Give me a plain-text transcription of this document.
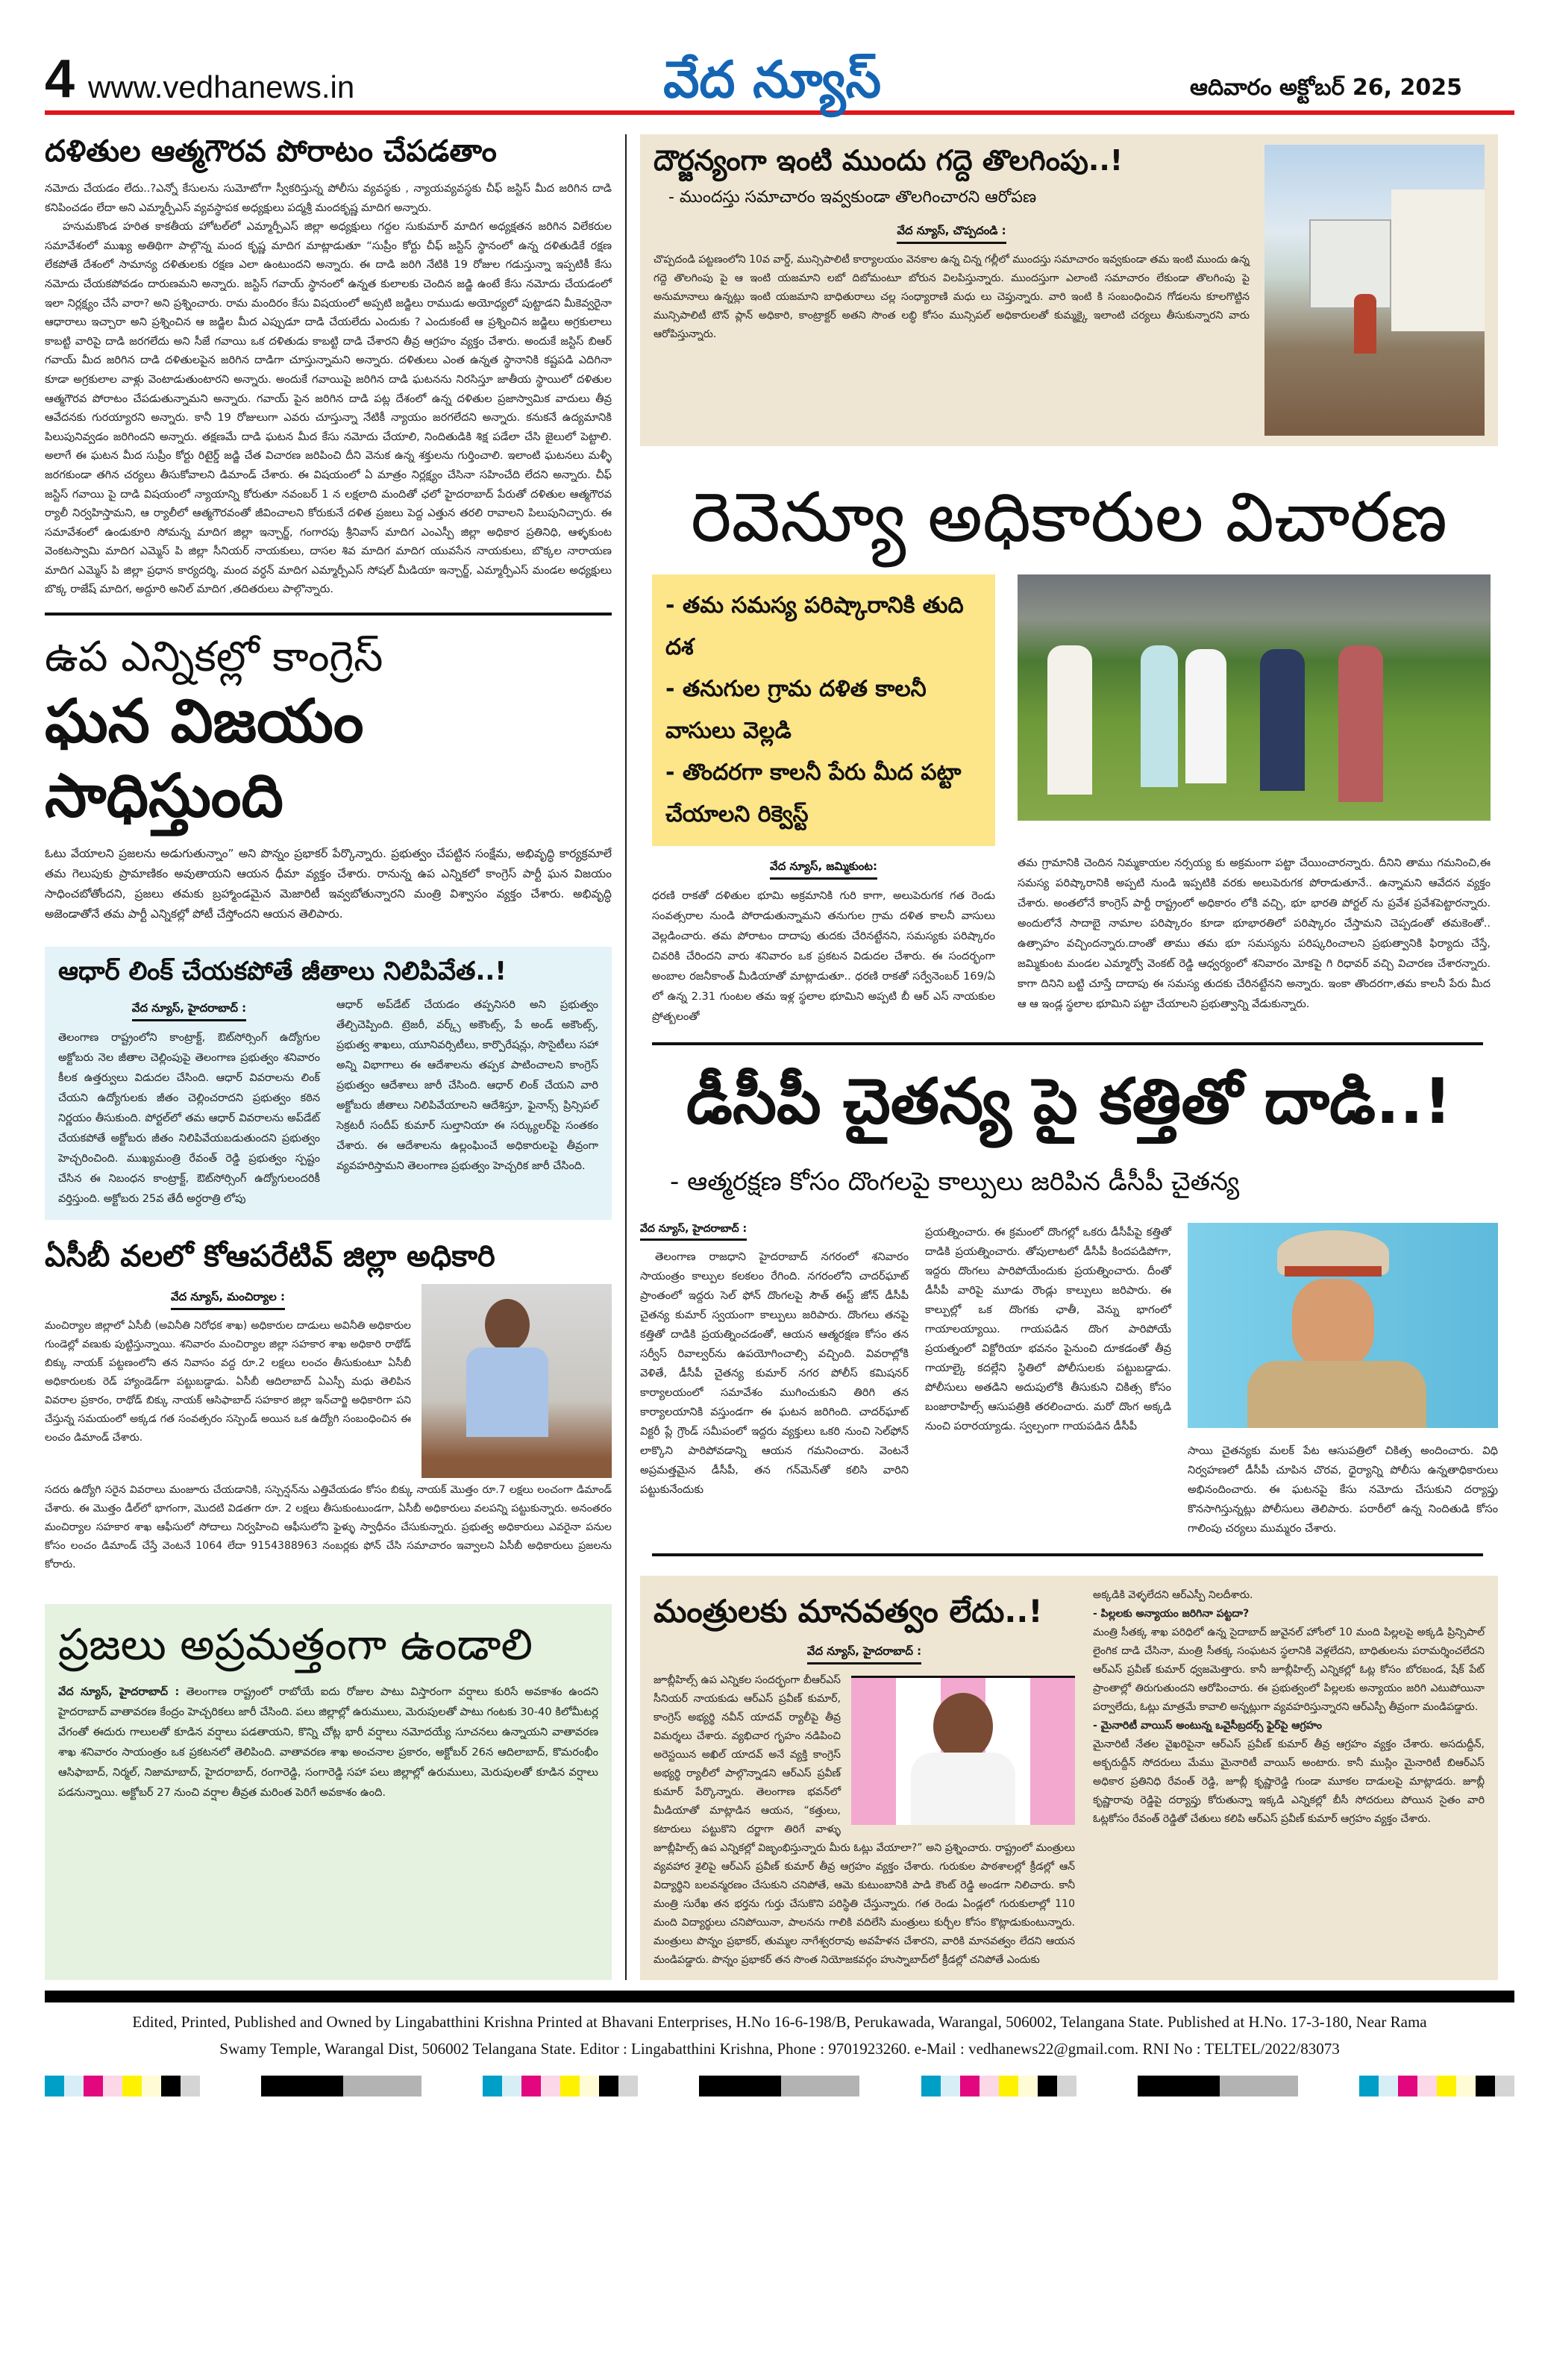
4 www.vedhanews.in	వేద న్యూస్	ఆదివారం అక్టోబర్ 26, 2025
దళితుల ఆత్మగౌరవ పోరాటం చేపడతాం

నమోదు చేయడం లేదు..?ఎన్నో కేసులను సుమోటోగా స్వీకరిస్తున్న పోలీసు వ్యవస్థకు , న్యాయవ్యవస్థకు చీఫ్ జస్టిస్ మీద జరిగిన దాడి కనిపించడం లేదా అని ఎమ్మార్పీఎస్ వ్యవస్థాపక అధ్యక్షులు పద్మశ్రీ మందకృష్ణ మాదిగ అన్నారు.

హనుమకొండ హరిత కాకతీయ హోటల్‌లో ఎమ్మార్పీఎస్ జిల్లా అధ్యక్షులు గద్దల సుకుమార్ మాదిగ అధ్యక్షతన జరిగిన విలేకరుల సమావేశంలో ముఖ్య అతిథిగా పాల్గొన్న మంద కృష్ణ మాదిగ మాట్లాడుతూ “సుప్రీం కోర్టు చీఫ్ జస్టిస్ స్థానంలో ఉన్న దళితుడికే రక్షణ లేకపోతే దేశంలో సామాన్య దళితులకు రక్షణ ఎలా ఉంటుందని అన్నారు. ఈ దాడి జరిగి నేటికి 19 రోజుల గడుస్తున్నా ఇప్పటికీ కేసు నమోదు చేయకపోవడం దారుణమని అన్నారు. జస్టిస్ గవాయ్ స్థానంలో ఉన్నత కులాలకు చెందిన జడ్జి ఉంటే కేసు నమోదు చేయడంలో ఇలా నిర్లక్ష్యం చేసే వారా? అని ప్రశ్నించారు. రామ మందిరం కేసు విషయంలో అప్పటి జడ్జిలు రాముడు అయోధ్యలో పుట్టాడని మీకెవ్వరైనా ఆధారాలు ఇచ్చారా అని ప్రశ్నించిన ఆ జడ్జిల మీద ఎప్పుడూ దాడి చేయలేదు ఎందుకు ? ఎందుకంటే ఆ ప్రశ్నించిన జడ్జిలు అగ్రకులాలు కాబట్టి వారిపై దాడి జరగలేదు అని సీజే గవాయి ఒక దళితుడు కాబట్టి దాడి చేశారని తీవ్ర ఆగ్రహం వ్యక్తం చేశారు. అందుకే జస్టిస్ బిఆర్ గవాయ్ మీద జరిగిన దాడి దళితులపైన జరిగిన దాడిగా చూస్తున్నామని అన్నారు. దళితులు ఎంత ఉన్నత స్థానానికి కష్టపడి ఎదిగినా కూడా అగ్రకులాల వాళ్లు వెంటాడుతుంటారని అన్నారు. అందుకే గవాయిపై జరిగిన దాడి ఘటనను నిరసిస్తూ జాతీయ స్థాయిలో దళితుల ఆత్మగౌరవ పోరాటం చేపడుతున్నామని అన్నారు. గవాయ్ పైన జరిగిన దాడి పట్ల దేశంలో ఉన్న దళితుల ప్రజాస్వామిక వాదులు తీవ్ర ఆవేదనకు గురయ్యారని అన్నారు. కానీ 19 రోజులుగా ఎవరు చూస్తున్నా నేటికీ న్యాయం జరగలేదని అన్నారు. కనుకనే ఉద్యమానికి పిలుపునివ్వడం జరిగిందని అన్నారు. తక్షణమే దాడి ఘటన మీద కేసు నమోదు చేయాలి, నిందితుడికి శిక్ష పడేలా చేసి జైలులో పెట్టాలి. అలాగే ఈ ఘటన మీద సుప్రీం కోర్టు రిటైర్డ్ జడ్జి చేత విచారణ జరిపించి దీని వెనుక ఉన్న శక్తులను గుర్తించాలి. ఇలాంటి ఘటనలు మళ్ళీ జరగకుండా తగిన చర్యలు తీసుకోవాలని డిమాండ్ చేశారు. ఈ విషయంలో ఏ మాత్రం నిర్లక్ష్యం చేసినా సహించేది లేదని అన్నారు. చీఫ్ జస్టిస్ గవాయి పై దాడి విషయంలో న్యాయాన్ని కోరుతూ నవంబర్ 1 న లక్షలాది మందితో ఛలో హైదరాబాద్ పేరుతో దళితుల ఆత్మగౌరవ ర్యాలీ నిర్వహిస్తామని, ఆ ర్యాలీలో ఆత్మగౌరవంతో జీవించాలని కోరుకునే దళిత ప్రజలు పెద్ద ఎత్తున తరలి రావాలని పిలుపునిచ్చారు. ఈ సమావేశంలో ఉండుకూరి సోమన్న మాదిగ జిల్లా ఇన్చార్జ్, గంగారపు శ్రీనివాస్ మాదిగ ఎంఎస్పీ జిల్లా అధికార ప్రతినిధి, ఆళ్ళకుంట వెంకటస్వామి మాదిగ ఎమ్మెస్ పి జిల్లా సీనియర్ నాయకులు, దాసల శివ మాదిగ మాదిగ యువసేన నాయకులు, బొక్కల నారాయణ మాదిగ ఎమ్మెస్ పి జిల్లా ప్రధాన కార్యదర్శి, మంద వర్ధన్ మాదిగ ఎమ్మార్పీఎస్ సోషల్ మీడియా ఇన్చార్జ్, ఎమ్మార్పీఎస్ మండల అధ్యక్షులు బొక్క రాజేష్ మాదిగ, అద్దూరి అనిల్ మాదిగ ,తదితరులు పాల్గొన్నారు.

ఉప ఎన్నికల్లో కాంగ్రెస్
ఘన విజయం సాధిస్తుంది

ఓటు వేయాలని ప్రజలను అడుగుతున్నాం” అని పొన్నం ప్రభాకర్ పేర్కొన్నారు. ప్రభుత్వం చేపట్టిన సంక్షేమ, అభివృద్ధి కార్యక్రమాలే తమ గెలుపుకు ప్రామాణికం అవుతాయని ఆయన ధీమా వ్యక్తం చేశారు. రానున్న ఉప ఎన్నికలో కాంగ్రెస్ పార్టీ ఘన విజయం సాధించబోతోందని, ప్రజలు తమకు బ్రహ్మాండమైన మెజారిటీ ఇవ్వబోతున్నారని మంత్రి విశ్వాసం వ్యక్తం చేశారు. అభివృద్ధి అజెండాతోనే తమ పార్టీ ఎన్నికల్లో పోటీ చేస్తోందని ఆయన తెలిపారు.

ఆధార్ లింక్ చేయకపోతే జీతాలు నిలిపివేత..!
వేద న్యూస్, హైదరాబాద్ :

తెలంగాణ రాష్ట్రంలోని కాంట్రాక్ట్, ఔట్‌సోర్సింగ్ ఉద్యోగుల అక్టోబరు నెల జీతాల చెల్లింపుపై తెలంగాణ ప్రభుత్వం శనివారం కీలక ఉత్తర్వులు విడుదల చేసింది. ఆధార్ వివరాలను లింక్ చేయని ఉద్యోగులకు జీతం చెల్లించరాదని ప్రభుత్వం కఠిన నిర్ణయం తీసుకుంది. పోర్టల్‌లో తమ ఆధార్ వివరాలను అప్‌డేట్ చేయకపోతే అక్టోబరు జీతం నిలిపివేయబడుతుందని ప్రభుత్వం హెచ్చరించింది. ముఖ్యమంత్రి రేవంత్ రెడ్డి ప్రభుత్వం స్పష్టం చేసిన ఈ నిబంధన కాంట్రాక్ట్, ఔట్‌సోర్సింగ్ ఉద్యోగులందరికీ వర్తిస్తుంది. అక్టోబరు 25వ తేదీ అర్ధరాత్రి లోపు

ఆధార్ అప్‌డేట్ చేయడం తప్పనిసరి అని ప్రభుత్వం తేల్చిచెప్పింది. ట్రెజరీ, వర్క్స్ అకౌంట్స్, పే అండ్ అకౌంట్స్, ప్రభుత్వ శాఖలు, యూనివర్సిటీలు, కార్పొరేషన్లు, సొసైటీలు సహా అన్ని విభాగాలు ఈ ఆదేశాలను తప్పక పాటించాలని కాంగ్రెస్ ప్రభుత్వం ఆదేశాలు జారీ చేసింది. ఆధార్ లింక్ చేయని వారి అక్టోబరు జీతాలు నిలిపివేయాలని ఆదేశిస్తూ, ఫైనాన్స్ ప్రిన్సిపల్ సెక్రటరీ సందీప్ కుమార్ సుల్తానియా ఈ సర్క్యులర్‌పై సంతకం చేశారు. ఈ ఆదేశాలను ఉల్లంఘించే అధికారులపై తీవ్రంగా వ్యవహరిస్తామని తెలంగాణ ప్రభుత్వం హెచ్చరిక జారీ చేసింది.

ఏసీబీ వలలో కోఆపరేటివ్ జిల్లా అధికారి
వేద న్యూస్, మంచిర్యాల :

మంచిర్యాల జిల్లాలో ఏసీబీ (అవినీతి నిరోధక శాఖ) అధికారుల దాడులు అవినీతి అధికారుల గుండెల్లో వణుకు పుట్టిస్తున్నాయి. శనివారం మంచిర్యాల జిల్లా సహకార శాఖ అధికారి రాథోడ్ బిక్కు నాయక్ పట్టణంలోని తన నివాసం వద్ద రూ.2 లక్షలు లంచం తీసుకుంటూ ఏసీబీ అధికారులకు రెడ్ హ్యాండెడ్‌గా పట్టుబడ్డాడు. ఏసీబీ ఆదిలాబాద్ ఏఎస్పీ మధు తెలిపిన వివరాల ప్రకారం, రాథోడ్ బిక్కు నాయక్ ఆసిఫాబాద్ సహకార జిల్లా ఇన్‌చార్జి అధికారిగా పని చేస్తున్న సమయంలో అక్కడ గత సంవత్సరం సస్పెండ్ అయిన ఒక ఉద్యోగి సంబంధించిన ఈ లంచం డిమాండ్ చేశారు.

సదరు ఉద్యోగి సరైన వివరాలు మంజూరు చేయడానికి, సస్పెన్షన్‌ను ఎత్తివేయడం కోసం బిక్కు నాయక్ మొత్తం రూ.7 లక్షలు లంచంగా డిమాండ్ చేశారు. ఈ మొత్తం డీల్‌లో భాగంగా, మొదటి విడతగా రూ. 2 లక్షలు తీసుకుంటుండగా, ఏసీబీ అధికారులు వలపన్ని పట్టుకున్నారు. అనంతరం మంచిర్యాల సహకార శాఖ ఆఫీసులో సోదాలు నిర్వహించి ఆఫీసులోని ఫైళ్ళు స్వాధీనం చేసుకున్నారు. ప్రభుత్వ అధికారులు ఎవరైనా పనుల కోసం లంచం డిమాండ్ చేస్తే వెంటనే 1064 లేదా 9154388963 నంబర్లకు ఫోన్ చేసి సమాచారం ఇవ్వాలని ఏసీబీ అధికారులు ప్రజలను కోరారు.

ప్రజలు అప్రమత్తంగా ఉండాలి

వేద న్యూస్, హైదరాబాద్ : తెలంగాణ రాష్ట్రంలో రాబోయే ఐదు రోజుల పాటు విస్తారంగా వర్షాలు కురిసే అవకాశం ఉందని హైదరాబాద్ వాతావరణ కేంద్రం హెచ్చరికలు జారీ చేసింది. పలు జిల్లాల్లో ఉరుములు, మెరుపులతో పాటు గంటకు 30-40 కిలోమీటర్ల వేగంతో ఈదురు గాలులతో కూడిన వర్షాలు పడతాయని, కొన్ని చోట్ల భారీ వర్షాలు నమోదయ్యే సూచనలు ఉన్నాయని వాతావరణ శాఖ శనివారం సాయంత్రం ఒక ప్రకటనలో తెలిపింది. వాతావరణ శాఖ అంచనాల ప్రకారం, అక్టోబర్ 26న ఆదిలాబాద్, కొమరంభీం ఆసిఫాబాద్, నిర్మల్, నిజామాబాద్, హైదరాబాద్, రంగారెడ్డి, సంగారెడ్డి సహా పలు జిల్లాల్లో ఉరుములు, మెరుపులతో కూడిన వర్షాలు పడనున్నాయి. అక్టోబర్ 27 నుంచి వర్షాల తీవ్రత మరింత పెరిగే అవకాశం ఉంది.

దౌర్జన్యంగా ఇంటి ముందు గద్దె తొలగింపు..!
- ముందస్తు సమాచారం ఇవ్వకుండా తొలగించారని ఆరోపణ
వేద న్యూస్, చొప్పదండి :

చొప్పదండి పట్టణంలోని 10వ వార్డ్, మున్సిపాలిటీ కార్యాలయం వెనకాల ఉన్న చిన్న గల్లీలో ముందస్తు సమాచారం ఇవ్వకుండా తమ ఇంటి ముందు ఉన్న గద్దె తొలగింపు పై ఆ ఇంటి యజమాని లబో దిబోమంటూ బోరున విలపిస్తున్నారు. ముందస్తుగా ఎలాంటి సమాచారం లేకుండా తొలగింపు పై అనుమానాలు ఉన్నట్లు ఇంటి యజమాని బాధితురాలు చల్ల సంధ్యారాణి మధు లు చెప్తున్నారు. వారి ఇంటి కి సంబంధించిన గోడలను కూలగొట్టిన మున్సిపాలిటీ టౌన్ ప్లాన్ అధికారి, కాంట్రాక్టర్ అతని సొంత లబ్ధి కోసం మున్సిపల్ అధికారులతో కుమ్మక్కై ఇలాంటి చర్యలు తీసుకున్నారని వారు ఆరోపిస్తున్నారు.

రెవెన్యూ అధికారుల విచారణ
- తమ సమస్య పరిష్కారానికి తుది దశ
- తనుగుల గ్రామ దళిత కాలనీ వాసులు వెల్లడి
- తొందరగా కాలనీ పేరు మీద పట్టా చేయాలని రిక్వెస్ట్
వేద న్యూస్, జమ్మికుంట:

ధరణి రాకతో దళితుల భూమి అక్రమానికి గురి కాగా, అలుపెరుగక గత రెండు సంవత్సరాల నుండి పోరాడుతున్నామని తనుగుల గ్రామ దళిత కాలనీ వాసులు వెల్లడించారు. తమ పోరాటం దాదాపు తుదకు చేరినట్టేనని, సమస్యకు పరిష్కారం చివరికి చేరిందని వారు శనివారం ఒక ప్రకటన విడుదల చేశారు. ఈ సందర్భంగా అంబాల రజనీకాంత్ మీడియాతో మాట్లాడుతూ.. ధరణి రాకతో సర్వేనెంబర్ 169/ఏ లో ఉన్న 2.31 గుంటల తమ ఇళ్ల స్థలాల భూమిని అప్పటి బీ ఆర్ ఎస్ నాయకుల ప్రోత్బలంతో

తమ గ్రామానికి చెందిన నిమ్మకాయల నర్సయ్య కు అక్రమంగా పట్టా చేయించారన్నారు. దీనిని తాము గమనించి,ఈ సమస్య పరిష్కారానికి అప్పటి నుండి ఇప్పటికి వరకు అలుపెరుగక పోరాడుతూనే.. ఉన్నామని ఆవేదన వ్యక్తం చేశారు. అంతలోనే కాంగ్రెస్ పార్టీ రాష్ట్రంలో అధికారం లోకి వచ్చి, భూ భారతి పోర్టల్ ను ప్రవేశ ప్రవేశపెట్టారన్నారు. అందులోనే సాదాబై నామాల పరిష్కారం కూడా భూభారతిలో పరిష్కారం చేస్తామని చెప్పడంతో తమకెంతో.. ఉత్సాహం వచ్చిందన్నారు.దాంతో తాము తమ భూ సమస్యను పరిష్కరించాలని ప్రభుత్వానికి ఫిర్యాదు చేస్తే, జమ్మికుంట మండల ఎమ్మార్వో వెంకట్ రెడ్డి ఆధ్వర్యంలో శనివారం మోకపై గి రిధావర్ వచ్చి విచారణ చేశారన్నారు. కాగా దినిని బట్టి చూస్తే దాదాపు ఈ సమస్య తుదకు చేరినట్టేనని అన్నారు. ఇంకా తొందరగా,తమ కాలనీ పేరు మీద ఆ ఆ ఇండ్ల స్థలాల భూమిని పట్టా చేయాలని ప్రభుత్వాన్ని వేడుకున్నారు.

డీసీపీ చైతన్య పై కత్తితో దాడి..!
- ఆత్మరక్షణ కోసం దొంగలపై కాల్పులు జరిపిన డీసీపీ చైతన్య
వేద న్యూస్, హైదరాబాద్ :

తెలంగాణ రాజధాని హైదరాబాద్ నగరంలో శనివారం సాయంత్రం కాల్పుల కలకలం రేగింది. నగరంలోని చాదర్‌ఘాట్ ప్రాంతంలో ఇద్దరు సెల్ ఫోన్ దొంగలపై సౌత్ ఈస్ట్ జోన్ డీసీపీ చైతన్య కుమార్ స్వయంగా కాల్పులు జరిపారు. దొంగలు తనపై కత్తితో దాడికి ప్రయత్నించడంతో, ఆయన ఆత్మరక్షణ కోసం తన సర్వీస్ రివాల్వర్‌ను ఉపయోగించాల్సి వచ్చింది. వివరాల్లోకి వెళితే, డీసీపీ చైతన్య కుమార్ నగర పోలీస్ కమిషనర్ కార్యాలయంలో సమావేశం ముగించుకుని తిరిగి తన కార్యాలయానికి వస్తుండగా ఈ ఘటన జరిగింది. చాదర్‌ఘాట్ విక్టరీ ప్లే గ్రౌండ్ సమీపంలో ఇద్దరు వ్యక్తులు ఒకరి నుంచి సెల్‌ఫోన్ లాక్కొని పారిపోవడాన్ని ఆయన గమనించారు. వెంటనే అప్రమత్తమైన డీసీపీ, తన గన్‌మెన్‌తో కలిసి వారిని పట్టుకునేందుకు

ప్రయత్నించారు. ఈ క్రమంలో దొంగల్లో ఒకరు డీసీపీపై కత్తితో దాడికి ప్రయత్నించారు. తోపులాటలో డీసీపీ కిందపడిపోగా, ఇద్దరు దొంగలు పారిపోయేందుకు ప్రయత్నించారు. దీంతో డీసీపీ వారిపై మూడు రౌండ్లు కాల్పులు జరిపారు. ఈ కాల్పుల్లో ఒక దొంగకు ఛాతీ, వెన్ను భాగంలో గాయాలయ్యాయి. గాయపడిన దొంగ పారిపోయే ప్రయత్నంలో విక్టోరియా భవనం పైనుంచి దూకడంతో తీవ్ర గాయాల్కై కదల్లేని స్థితిలో పోలీసులకు పట్టుబడ్డాడు. పోలీసులు అతడిని అదుపులోకి తీసుకుని చికిత్స కోసం బంజారాహిల్స్ ఆసుపత్రికి తరలించారు. మరో దొంగ అక్కడి నుంచి పరారయ్యాడు. స్వల్పంగా గాయపడిన డీసీపీ

సాయి చైతన్యకు మలక్ పేట ఆసుపత్రిలో చికిత్స అందించారు. విధి నిర్వహణలో డీసీపీ చూపిన చొరవ, ధైర్యాన్ని పోలీసు ఉన్నతాధికారులు అభినందించారు. ఈ ఘటనపై కేసు నమోదు చేసుకుని దర్యాప్తు కొనసాగిస్తున్నట్లు పోలీసులు తెలిపారు. పరారీలో ఉన్న నిందితుడి కోసం గాలింపు చర్యలు ముమ్మరం చేశారు.

మంత్రులకు మానవత్వం లేదు..!
వేద న్యూస్, హైదరాబాద్ :

జూబ్లీహిల్స్ ఉప ఎన్నికల సందర్భంగా బీఆర్ఎస్ సీనియర్ నాయకుడు ఆర్ఎస్ ప్రవీణ్ కుమార్, కాంగ్రెస్ అభ్యర్థి నవీన్ యాదవ్ ర్యాలీపై తీవ్ర విమర్శలు చేశారు. వ్యభిచార గృహం నడిపించి అరెస్టయిన అఖిల్ యాదవ్ అనే వ్యక్తి కాంగ్రెస్ అభ్యర్థి ర్యాలీలో పాల్గొన్నాడని ఆర్ఎస్ ప్రవీణ్ కుమార్ పేర్కొన్నారు. తెలంగాణ భవన్‌లో మీడియాతో మాట్లాడిన ఆయన, “కత్తులు, కటారులు పట్టుకొని దర్జాగా తిరిగే వాళ్ళు జూబ్లీహిల్స్ ఉప ఎన్నికల్లో విజృంభిస్తున్నారు మీరు ఓట్లు వేయాలా?” అని ప్రశ్నించారు. రాష్ట్రంలో మంత్రులు వ్యవహార శైలిపై ఆర్ఎస్ ప్రవీణ్ కుమార్ తీవ్ర ఆగ్రహం వ్యక్తం చేశారు. గురుకుల పాఠశాలల్లో క్రీడల్లో ఆన్ విద్యార్థిని బలవన్మరణం చేసుకుని చనిపోతే, ఆమె కుటుంబానికి పాడి కౌంట్ రెడ్డి అండగా నిలిచారు. కానీ మంత్రి సురేఖ తన భర్తను గుర్తు చేసుకొని పరిస్థితి చేస్తున్నారు. గత రెండు ఏండ్లలో గురుకులాల్లో 110 మంది విద్యార్థులు చనిపోయినా, పాలనను గాలికి వదిలేసి మంత్రులు కుర్చీల కోసం కొట్లాడుకుంటున్నారు. మంత్రులు పొన్నం ప్రభాకర్, తుమ్మల నాగేశ్వరరావు అవహేళన చేశారని, వారికి మానవత్వం లేదని ఆయన మండిపడ్డారు. పొన్నం ప్రభాకర్ తన సొంత నియోజకవర్గం హుస్నాబాద్‌లో క్రీడల్లో చనిపోతే ఎందుకు

అక్కడికి వెళ్ళలేదని ఆర్ఎస్పీ నిలదీశారు.

- పిల్లలకు అన్యాయం జరిగినా పట్టదా?

మంత్రి సీతక్క శాఖ పరిధిలో ఉన్న సైదాబాద్ జువైనల్ హోంలో 10 మంది పిల్లలపై అక్కడి ప్రిన్సిపాల్ లైంగిక దాడి చేసినా, మంత్రి సీతక్క సంఘటన స్థలానికి వెళ్లలేదని, బాధితులను పరామర్శించలేదని ఆర్ఎస్ ప్రవీణ్ కుమార్ ధ్వజమెత్తారు. కానీ జూబ్లీహిల్స్ ఎన్నికల్లో ఓట్ల కోసం బోరబండ, షేక్ పేట్ ప్రాంతాల్లో తిరుగుతుందని ఆరోపించారు. ఈ ప్రభుత్వంలో పిల్లలకు అన్యాయం జరిగి ఎటుపోయినా పర్వాలేదు, ఓట్లు మాత్రమే కావాలి అన్నట్లుగా వ్యవహరిస్తున్నారని ఆర్ఎస్పీ తీవ్రంగా మండిపడ్డారు.

- మైనారిటీ వాయిస్ అంటున్న ఒవైసీబ్రదర్స్ ఫైర్‌పై ఆగ్రహం

మైనారిటీ నేతల వైఖరిపైనా ఆర్ఎస్ ప్రవీణ్ కుమార్ తీవ్ర ఆగ్రహం వ్యక్తం చేశారు. అసదుద్దీన్, అక్బరుద్దీన్ సోదరులు మేము మైనారిటీ వాయిస్ అంటారు. కానీ ముస్లిం మైనారిటీ బిఆర్ఎస్ అధికార ప్రతినిధి రేవంత్ రెడ్డి, జూబ్లీ కృష్ణారెడ్డి గుండా మూకల దాడులపై మాట్లాడరు. జూబ్లీ కృష్ణారావు రెడ్డిపై దర్యాప్తు కోరుతున్నా ఇక్కడి ఎన్నికల్లో బీసీ సోదరులు పోయిన సైతం వారి ఓట్లకోసం రేవంత్ రెడ్డితో చేతులు కలిపి ఆర్ఎస్ ప్రవీణ్ కుమార్ ఆగ్రహం వ్యక్తం చేశారు.

Edited, Printed, Published and Owned by Lingabatthini Krishna Printed at Bhavani Enterprises, H.No 16-6-198/B, Perukawada, Warangal, 506002, Telangana State. Published at H.No. 17-3-180, Near Rama
Swamy Temple, Warangal Dist, 506002 Telangana State. Editor : Lingabatthini Krishna, Phone : 9701923260. e-Mail : vedhanews22@gmail.com. RNI No : TELTEL/2022/83073
